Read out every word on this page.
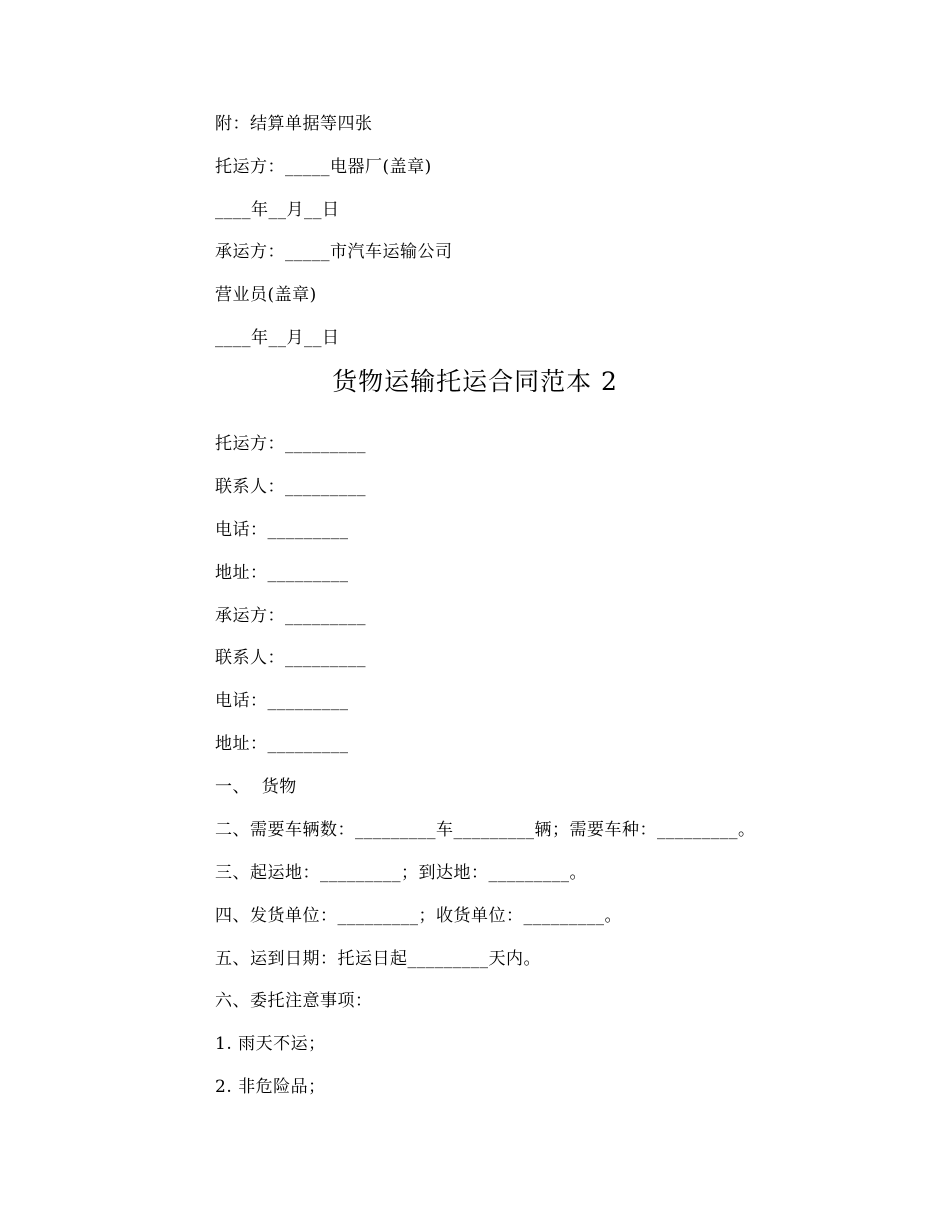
附：结算单据等四张
托运方：_____电器厂(盖章)
____年__月__日
承运方：_____市汽车运输公司
营业员(盖章)
____年__月__日
货物运输托运合同范本 2
托运方：_________
联系人：_________
电话：_________
地址：_________
承运方：_________
联系人：_________
电话：_________
地址：_________
一、  货物
二、需要车辆数：_________车_________辆；需要车种：_________。
三、起运地：_________；到达地：_________。
四、发货单位：_________；收货单位：_________。
五、运到日期：托运日起_________天内。
六、委托注意事项：
1. 雨天不运；
2. 非危险品；
